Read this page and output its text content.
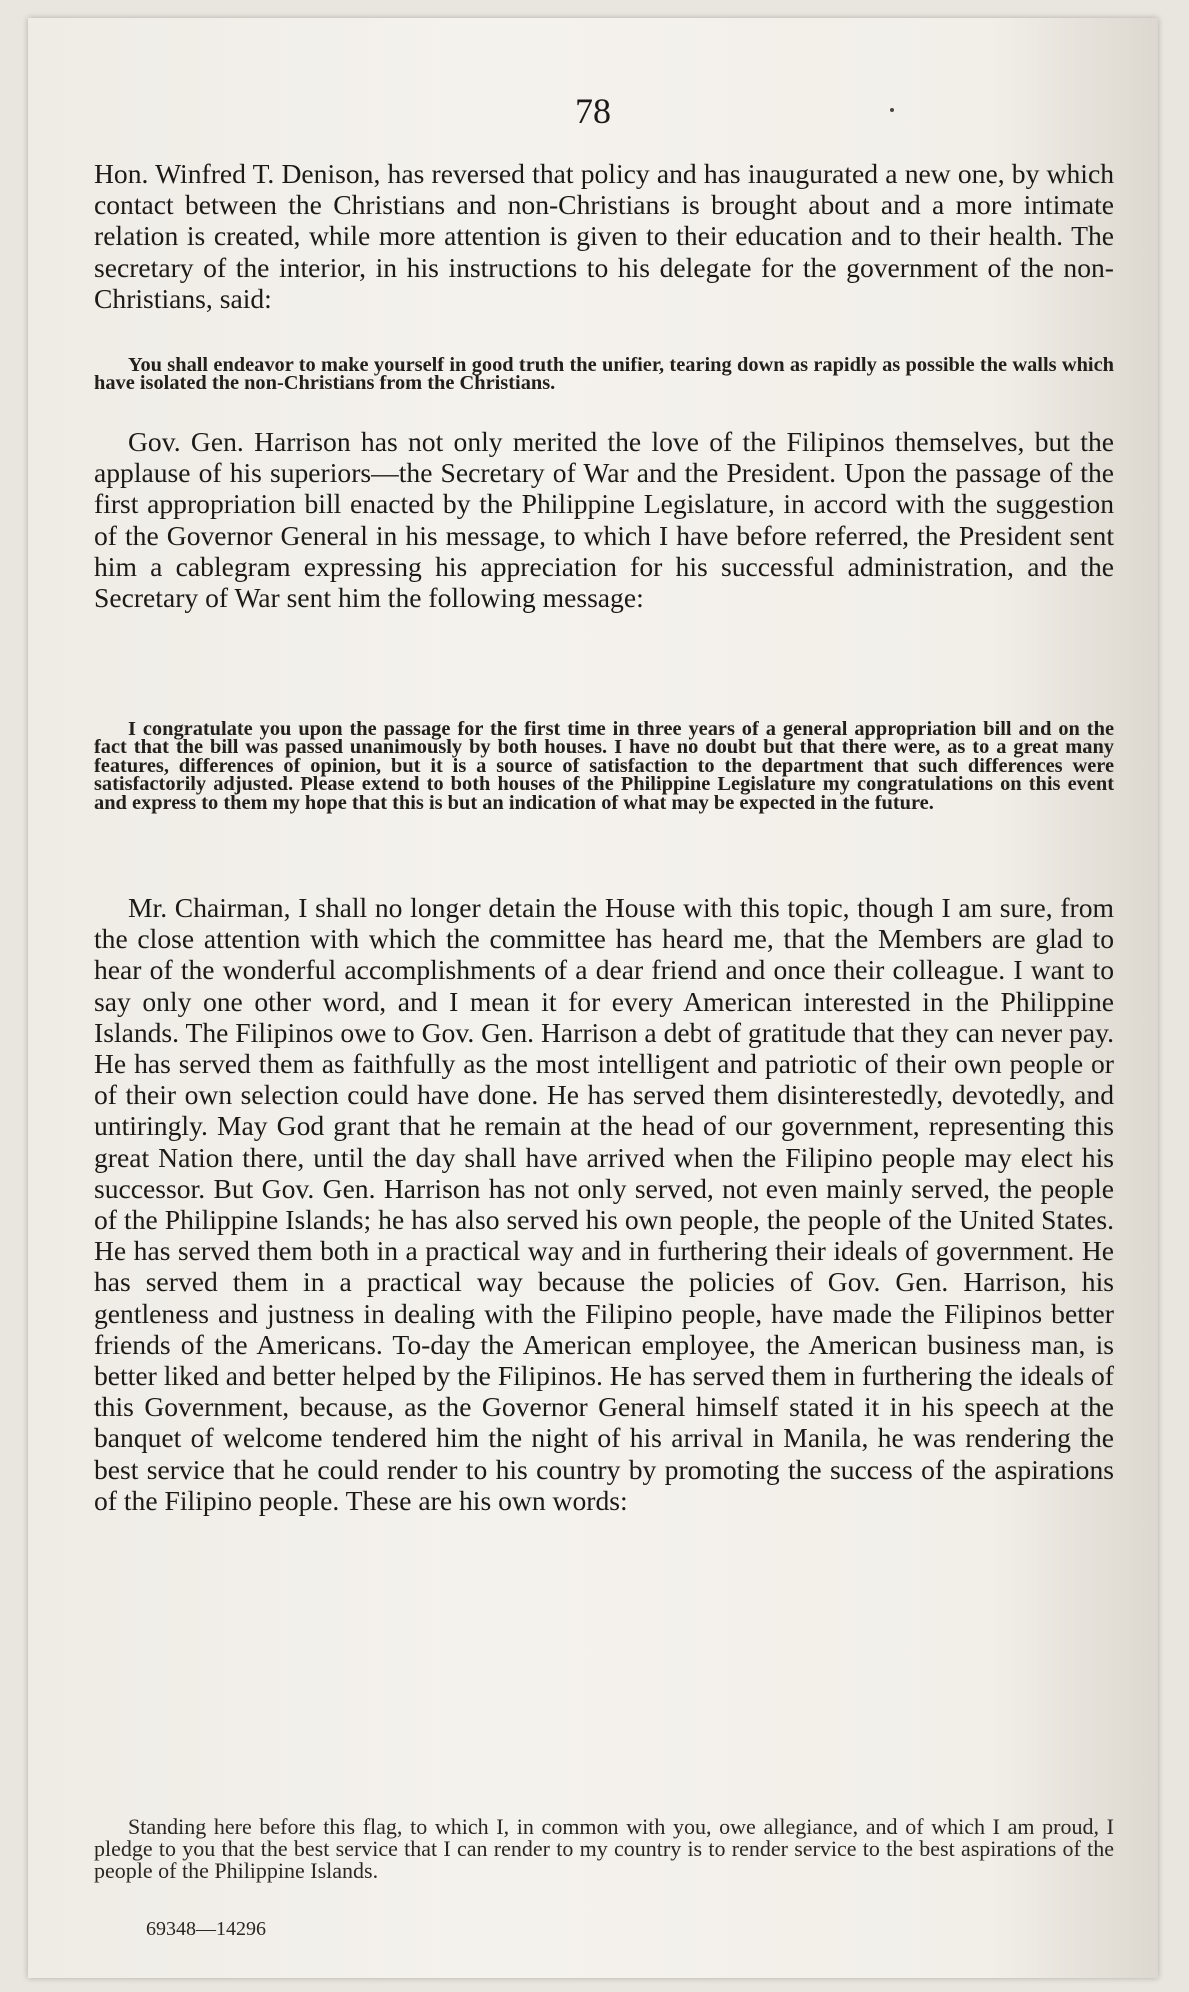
78

Hon. Winfred T. Denison, has reversed that policy and has inaugurated a new one, by which contact between the Christians and non-Christians is brought about and a more intimate relation is created, while more attention is given to their education and to their health. The secretary of the interior, in his instructions to his delegate for the government of the non-Christians, said:

You shall endeavor to make yourself in good truth the unifier, tearing down as rapidly as possible the walls which have isolated the non-Christians from the Christians.

Gov. Gen. Harrison has not only merited the love of the Filipinos themselves, but the applause of his superiors—the Secretary of War and the President. Upon the passage of the first appropriation bill enacted by the Philippine Legislature, in accord with the suggestion of the Governor General in his message, to which I have before referred, the President sent him a cablegram expressing his appreciation for his successful administration, and the Secretary of War sent him the following message:

I congratulate you upon the passage for the first time in three years of a general appropriation bill and on the fact that the bill was passed unanimously by both houses. I have no doubt but that there were, as to a great many features, differences of opinion, but it is a source of satisfaction to the department that such differences were satisfactorily adjusted. Please extend to both houses of the Philippine Legislature my congratulations on this event and express to them my hope that this is but an indication of what may be expected in the future.

Mr. Chairman, I shall no longer detain the House with this topic, though I am sure, from the close attention with which the committee has heard me, that the Members are glad to hear of the wonderful accomplishments of a dear friend and once their colleague. I want to say only one other word, and I mean it for every American interested in the Philippine Islands. The Filipinos owe to Gov. Gen. Harrison a debt of gratitude that they can never pay. He has served them as faithfully as the most intelligent and patriotic of their own people or of their own selection could have done. He has served them disinterestedly, devotedly, and untiringly. May God grant that he remain at the head of our government, representing this great Nation there, until the day shall have arrived when the Filipino people may elect his successor. But Gov. Gen. Harrison has not only served, not even mainly served, the people of the Philippine Islands; he has also served his own people, the people of the United States. He has served them both in a practical way and in furthering their ideals of government. He has served them in a practical way because the policies of Gov. Gen. Harrison, his gentleness and justness in dealing with the Filipino people, have made the Filipinos better friends of the Americans. To-day the American employee, the American business man, is better liked and better helped by the Filipinos. He has served them in furthering the ideals of this Government, because, as the Governor General himself stated it in his speech at the banquet of welcome tendered him the night of his arrival in Manila, he was rendering the best service that he could render to his country by promoting the success of the aspirations of the Filipino people. These are his own words:

Standing here before this flag, to which I, in common with you, owe allegiance, and of which I am proud, I pledge to you that the best service that I can render to my country is to render service to the best aspirations of the people of the Philippine Islands.

69348—14296
